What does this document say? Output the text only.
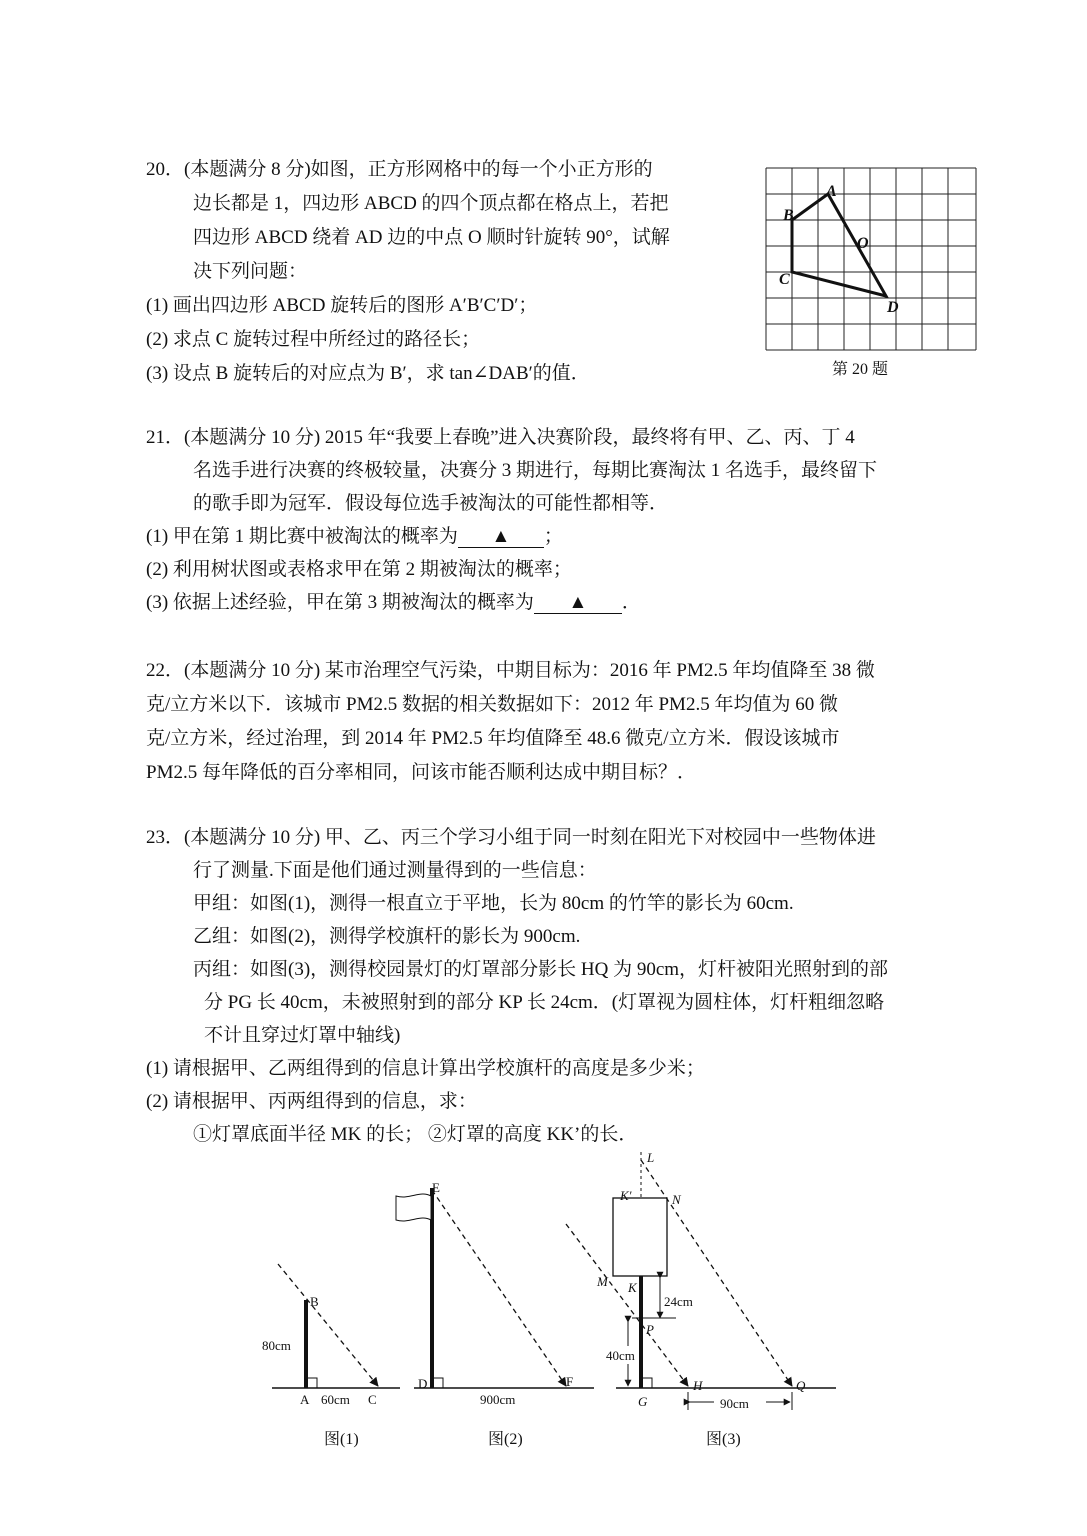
20．(本题满分 8 分)如图，正方形网格中的每一个小正方形的
边长都是 1，四边形 ABCD 的四个顶点都在格点上，若把
四边形 ABCD 绕着 AD 边的中点 O 顺时针旋转 90°，试解
决下列问题：
(1) 画出四边形 ABCD 旋转后的图形 A′B′C′D′；
(2) 求点 C 旋转过程中所经过的路径长；
(3) 设点 B 旋转后的对应点为 B′，求 tan∠DAB′的值．
B
A
O
C
D
第 20 题
21．(本题满分 10 分) 2015 年“我要上春晚”进入决赛阶段，最终将有甲、乙、丙、丁 4
名选手进行决赛的终极较量，决赛分 3 期进行，每期比赛淘汰 1 名选手，最终留下
的歌手即为冠军．假设每位选手被淘汰的可能性都相等．
(1) 甲在第 1 期比赛中被淘汰的概率为 ▲ ；
(2) 利用树状图或表格求甲在第 2 期被淘汰的概率；
(3) 依据上述经验，甲在第 3 期被淘汰的概率为 ▲ ．
22．(本题满分 10 分) 某市治理空气污染，中期目标为：2016 年 PM2.5 年均值降至 38 微
克/立方米以下．该城市 PM2.5 数据的相关数据如下：2012 年 PM2.5 年均值为 60 微
克/立方米，经过治理，到 2014 年 PM2.5 年均值降至 48.6 微克/立方米．假设该城市
PM2.5 每年降低的百分率相同，问该市能否顺利达成中期目标？．
23．(本题满分 10 分) 甲、乙、丙三个学习小组于同一时刻在阳光下对校园中一些物体进
行了测量.下面是他们通过测量得到的一些信息：
甲组：如图(1)，测得一根直立于平地，长为 80cm 的竹竿的影长为 60cm.
乙组：如图(2)，测得学校旗杆的影长为 900cm.
丙组：如图(3)，测得校园景灯的灯罩部分影长 HQ 为 90cm，灯杆被阳光照射到的部
分 PG 长 40cm，未被照射到的部分 KP 长 24cm．(灯罩视为圆柱体，灯杆粗细忽略
不计且穿过灯罩中轴线)
(1) 请根据甲、乙两组得到的信息计算出学校旗杆的高度是多少米；
(2) 请根据甲、丙两组得到的信息，求：
①灯罩底面半径 MK 的长； ②灯罩的高度 KK’的长．
B
80cm
A 60cm C
图(1)
E
D
900cm
F
图(2)
L
K′	N
M K
24cm
P
40cm
G
H	Q
90cm
图(3)
